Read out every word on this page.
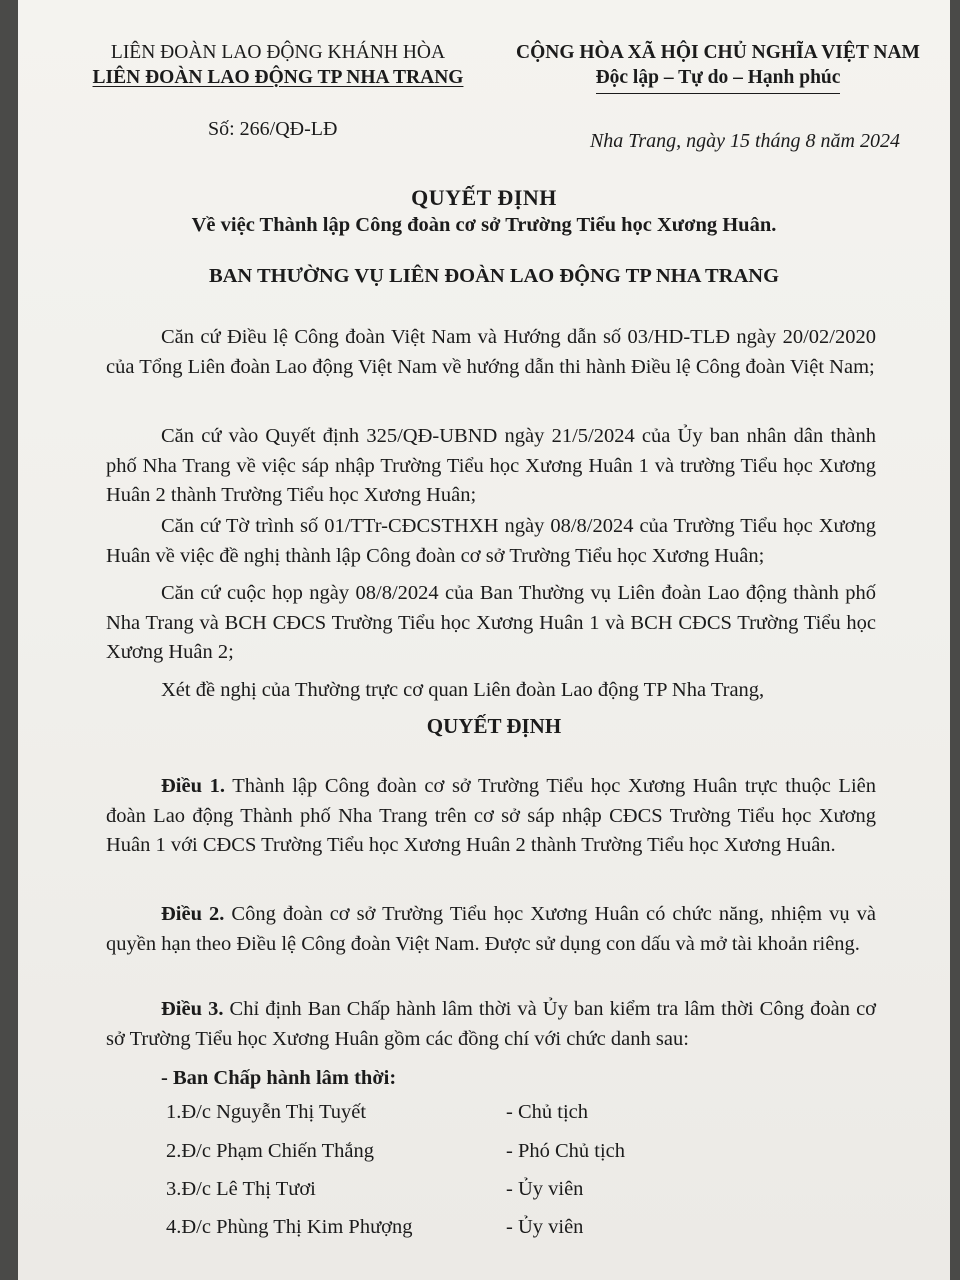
LIÊN ĐOÀN LAO ĐỘNG KHÁNH HÒA
LIÊN ĐOÀN LAO ĐỘNG TP NHA TRANG
CỘNG HÒA XÃ HỘI CHỦ NGHĨA VIỆT NAM
Độc lập – Tự do – Hạnh phúc
Số: 266/QĐ-LĐ
Nha Trang, ngày 15 tháng 8 năm 2024
QUYẾT ĐỊNH
Về việc Thành lập Công đoàn cơ sở Trường Tiểu học Xương Huân.
BAN THƯỜNG VỤ LIÊN ĐOÀN LAO ĐỘNG TP NHA TRANG
Căn cứ Điều lệ Công đoàn Việt Nam và Hướng dẫn số 03/HD-TLĐ ngày 20/02/2020 của Tổng Liên đoàn Lao động Việt Nam về hướng dẫn thi hành Điều lệ Công đoàn Việt Nam;
Căn cứ vào Quyết định 325/QĐ-UBND ngày 21/5/2024 của Ủy ban nhân dân thành phố Nha Trang về việc sáp nhập Trường Tiểu học Xương Huân 1 và trường Tiểu học Xương Huân 2 thành Trường Tiểu học Xương Huân;
Căn cứ Tờ trình số 01/TTr-CĐCSTHXH ngày 08/8/2024 của Trường Tiểu học Xương Huân về việc đề nghị thành lập Công đoàn cơ sở Trường Tiểu học Xương Huân;
Căn cứ cuộc họp ngày 08/8/2024 của Ban Thường vụ Liên đoàn Lao động thành phố Nha Trang và BCH CĐCS Trường Tiểu học Xương Huân 1 và BCH CĐCS Trường Tiểu học Xương Huân 2;
Xét đề nghị của Thường trực cơ quan Liên đoàn Lao động TP Nha Trang,
QUYẾT ĐỊNH
Điều 1. Thành lập Công đoàn cơ sở Trường Tiểu học Xương Huân trực thuộc Liên đoàn Lao động Thành phố Nha Trang trên cơ sở sáp nhập CĐCS Trường Tiểu học Xương Huân 1 với CĐCS Trường Tiểu học Xương Huân 2 thành Trường Tiểu học Xương Huân.
Điều 2. Công đoàn cơ sở Trường Tiểu học Xương Huân có chức năng, nhiệm vụ và quyền hạn theo Điều lệ Công đoàn Việt Nam. Được sử dụng con dấu và mở tài khoản riêng.
Điều 3. Chỉ định Ban Chấp hành lâm thời và Ủy ban kiểm tra lâm thời Công đoàn cơ sở Trường Tiểu học Xương Huân gồm các đồng chí với chức danh sau:
- Ban Chấp hành lâm thời:
1.Đ/c Nguyễn Thị Tuyết	- Chủ tịch
2.Đ/c Phạm Chiến Thắng	- Phó Chủ tịch
3.Đ/c Lê Thị Tươi	- Ủy viên
4.Đ/c Phùng Thị Kim Phượng	- Ủy viên
